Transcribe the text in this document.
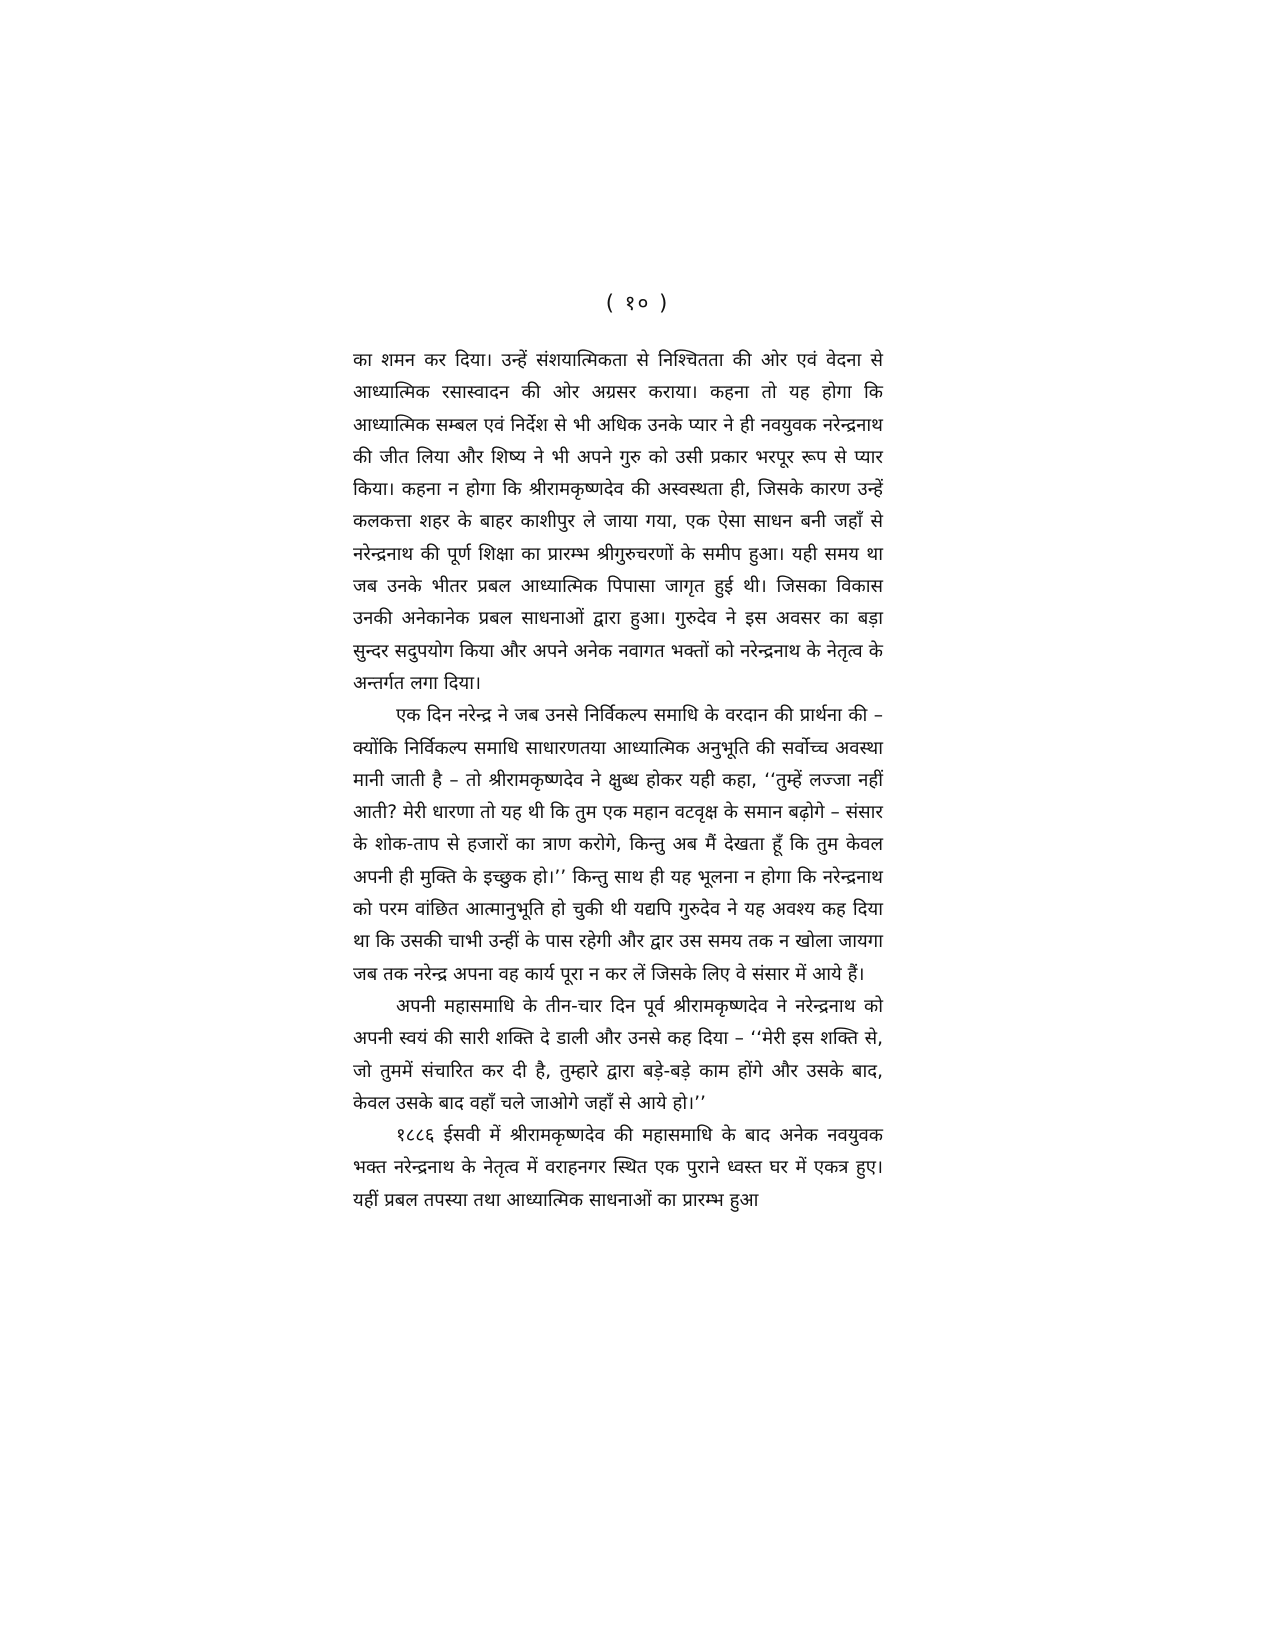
( १० )

का शमन कर दिया। उन्हें संशयात्मिकता से निश्चितता की ओर एवं वेदना से आध्यात्मिक रसास्वादन की ओर अग्रसर कराया। कहना तो यह होगा कि आध्यात्मिक सम्बल एवं निर्देश से भी अधिक उनके प्यार ने ही नवयुवक नरेन्द्रनाथ की जीत लिया और शिष्य ने भी अपने गुरु को उसी प्रकार भरपूर रूप से प्यार किया। कहना न होगा कि श्रीरामकृष्णदेव की अस्वस्थता ही, जिसके कारण उन्हें कलकत्ता शहर के बाहर काशीपुर ले जाया गया, एक ऐसा साधन बनी जहाँ से नरेन्द्रनाथ की पूर्ण शिक्षा का प्रारम्भ श्रीगुरुचरणों के समीप हुआ। यही समय था जब उनके भीतर प्रबल आध्यात्मिक पिपासा जागृत हुई थी। जिसका विकास उनकी अनेकानेक प्रबल साधनाओं द्वारा हुआ। गुरुदेव ने इस अवसर का बड़ा सुन्दर सदुपयोग किया और अपने अनेक नवागत भक्तों को नरेन्द्रनाथ के नेतृत्व के अन्तर्गत लगा दिया।

एक दिन नरेन्द्र ने जब उनसे निर्विकल्प समाधि के वरदान की प्रार्थना की – क्योंकि निर्विकल्प समाधि साधारणतया आध्यात्मिक अनुभूति की सर्वोच्च अवस्था मानी जाती है – तो श्रीरामकृष्णदेव ने क्षुब्ध होकर यही कहा, ‘‘तुम्हें लज्जा नहीं आती? मेरी धारणा तो यह थी कि तुम एक महान वटवृक्ष के समान बढ़ोगे – संसार के शोक-ताप से हजारों का त्राण करोगे, किन्तु अब मैं देखता हूँ कि तुम केवल अपनी ही मुक्ति के इच्छुक हो।’’ किन्तु साथ ही यह भूलना न होगा कि नरेन्द्रनाथ को परम वांछित आत्मानुभूति हो चुकी थी यद्यपि गुरुदेव ने यह अवश्य कह दिया था कि उसकी चाभी उन्हीं के पास रहेगी और द्वार उस समय तक न खोला जायगा जब तक नरेन्द्र अपना वह कार्य पूरा न कर लें जिसके लिए वे संसार में आये हैं।

अपनी महासमाधि के तीन-चार दिन पूर्व श्रीरामकृष्णदेव ने नरेन्द्रनाथ को अपनी स्वयं की सारी शक्ति दे डाली और उनसे कह दिया – ‘‘मेरी इस शक्ति से, जो तुममें संचारित कर दी है, तुम्हारे द्वारा बड़े-बड़े काम होंगे और उसके बाद, केवल उसके बाद वहाँ चले जाओगे जहाँ से आये हो।’’

१८८६ ईसवी में श्रीरामकृष्णदेव की महासमाधि के बाद अनेक नवयुवक भक्त नरेन्द्रनाथ के नेतृत्व में वराहनगर स्थित एक पुराने ध्वस्त घर में एकत्र हुए। यहीं प्रबल तपस्या तथा आध्यात्मिक साधनाओं का प्रारम्भ हुआ
